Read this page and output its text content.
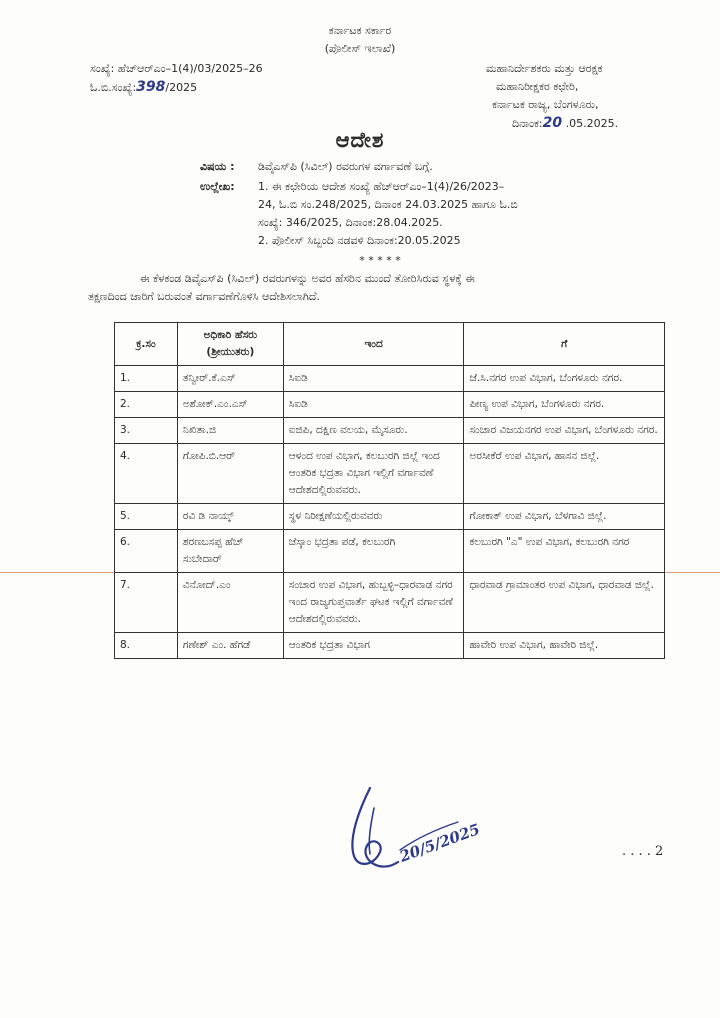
ಕರ್ನಾಟಕ ಸರ್ಕಾರ
(ಪೊಲೀಸ್ ಇಲಾಖೆ)
ಸಂಖ್ಯೆ: ಹೆಚ್‌ಆರ್‌ಎಂ–1(4)/03/2025–26
ಓ.ಬಿ.ಸಂಖ್ಯೆ:398/2025
ಮಹಾನಿರ್ದೇಶಕರು ಮತ್ತು ಆರಕ್ಷಕ
ಮಹಾನಿರೀಕ್ಷಕರ ಕಛೇರಿ,
ಕರ್ನಾಟಕ ರಾಜ್ಯ, ಬೆಂಗಳೂರು,
ದಿನಾಂಕ:20 .05.2025.
ಆದೇಶ
ವಿಷಯ : ಡಿವೈಎಸ್‌ಪಿ (ಸಿವಿಲ್) ರವರುಗಳ ವರ್ಗಾವಣೆ ಬಗ್ಗೆ.
ಉಲ್ಲೇಖ: 1. ಈ ಕಛೇರಿಯ ಆದೇಶ ಸಂಖ್ಯೆ ಹೆಚ್‌ಆರ್‌ಎಂ–1(4)/26/2023–
24, ಓ.ಬಿ ಸಂ.248/2025, ದಿನಾಂಕ 24.03.2025 ಹಾಗೂ ಓ.ಬಿ
ಸಂಖ್ಯೆ: 346/2025, ದಿನಾಂಕ:28.04.2025.
2. ಪೊಲೀಸ್ ಸಿಬ್ಬಂದಿ ನಡವಳಿ ದಿನಾಂಕ:20.05.2025
* * * * *
ಈ ಕೆಳಕಂಡ ಡಿವೈಎಸ್‌ಪಿ (ಸಿವಿಲ್) ರವರುಗಳನ್ನು ಅವರ ಹೆಸರಿನ ಮುಂದೆ ತೋರಿಸಿರುವ ಸ್ಥಳಕ್ಕೆ ಈ
ತಕ್ಷಣದಿಂದ ಜಾರಿಗೆ ಬರುವಂತೆ ವರ್ಗಾವಣೆಗೊಳಿಸಿ ಆದೇಶಿಸಲಾಗಿದೆ.
ಕ್ರ.ಸಂ	ಅಧಿಕಾರಿ ಹೆಸರು (ಶ್ರೀಯುತರು)	ಇಂದ	ಗೆ
1.	ತನ್ವೀರ್.ಕೆ.ಎಸ್	ಸಿಐಡಿ	ಜೆ.ಸಿ.ನಗರ ಉಪ ವಿಭಾಗ, ಬೆಂಗಳೂರು ನಗರ.
2.	ಅಶೋಕ್.ಎಂ.ಎಸ್	ಸಿಐಡಿ	ಪೀಣ್ಯ ಉಪ ವಿಭಾಗ, ಬೆಂಗಳೂರು ನಗರ.
3.	ನಿಖಿತಾ.ಜಿ	ಐಜಿಪಿ, ದಕ್ಷಿಣ ವಲಯ, ಮೈಸೂರು.	ಸಂಚಾರ ವಿಜಯನಗರ ಉಪ ವಿಭಾಗ, ಬೆಂಗಳೂರು ನಗರ.
4.	ಗೋಪಿ.ಬಿ.ಆರ್	ಆಳಂದ ಉಪ ವಿಭಾಗ, ಕಲಬುರಗಿ ಜಿಲ್ಲೆ ಇಂದ ಆಂತರಿಕ ಭದ್ರತಾ ವಿಭಾಗ ಇಲ್ಲಿಗೆ ವರ್ಗಾವಣೆ ಆದೇಶದಲ್ಲಿರುವವರು.	ಅರಸೀಕೆರೆ ಉಪ ವಿಭಾಗ, ಹಾಸನ ಜಿಲ್ಲೆ.
5.	ರವಿ ಡಿ ನಾಯ್ಕ್	ಸ್ಥಳ ನಿರೀಕ್ಷಣೆಯಲ್ಲಿರುವವರು	ಗೋಕಾಕ್ ಉಪ ವಿಭಾಗ, ಬೆಳಗಾವಿ ಜಿಲ್ಲೆ.
6.	ಶರಣಬಸಪ್ಪ ಹೆಚ್ ಸುಬೇದಾರ್	ಜೆಸ್ಕಾಂ ಭದ್ರತಾ ಪಡೆ, ಕಲಬುರಗಿ	ಕಲಬುರಗಿ "ಎ" ಉಪ ವಿಭಾಗ, ಕಲಬುರಗಿ ನಗರ
7.	ವಿನೋದ್.ಎಂ	ಸಂಚಾರ ಉಪ ವಿಭಾಗ, ಹುಬ್ಬಳ್ಳಿ–ಧಾರವಾಡ ನಗರ ಇಂದ ರಾಜ್ಯಗುಪ್ತವಾರ್ತೆ ಘಟಕ ಇಲ್ಲಿಗೆ ವರ್ಗಾವಣೆ ಆದೇಶದಲ್ಲಿರುವವರು.	ಧಾರವಾಡ ಗ್ರಾಮಾಂತರ ಉಪ ವಿಭಾಗ, ಧಾರವಾಡ ಜಿಲ್ಲೆ.
8.	ಗಣೇಶ್ ಎಂ. ಹೆಗಡೆ	ಆಂತರಿಕ ಭದ್ರತಾ ವಿಭಾಗ	ಹಾವೇರಿ ಉಪ ವಿಭಾಗ, ಹಾವೇರಿ ಜಿಲ್ಲೆ.
20/5/2025	. . . . 2
